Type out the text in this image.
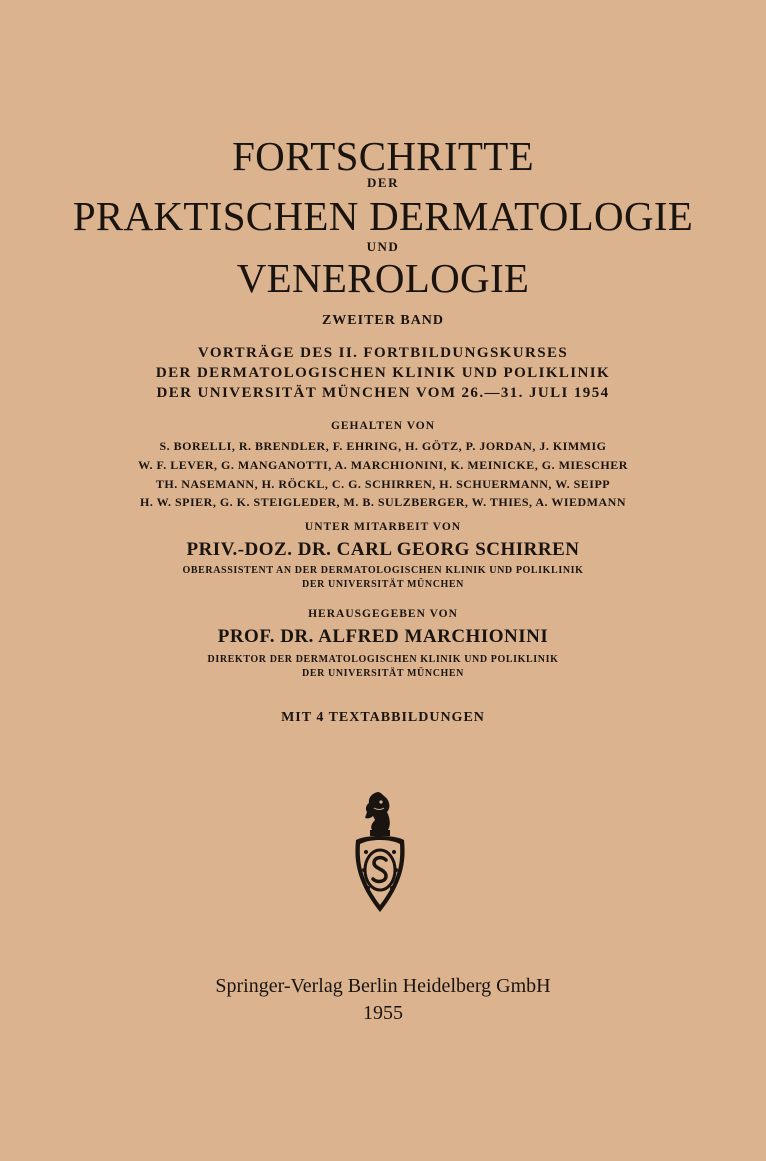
FORTSCHRITTE
DER
PRAKTISCHEN DERMATOLOGIE
UND
VENEROLOGIE
ZWEITER BAND
VORTRÄGE DES II. FORTBILDUNGSKURSES
DER DERMATOLOGISCHEN KLINIK UND POLIKLINIK
DER UNIVERSITÄT MÜNCHEN VOM 26.—31. JULI 1954
GEHALTEN VON
S. BORELLI, R. BRENDLER, F. EHRING, H. GÖTZ, P. JORDAN, J. KIMMIG
W. F. LEVER, G. MANGANOTTI, A. MARCHIONINI, K. MEINICKE, G. MIESCHER
TH. NASEMANN, H. RÖCKL, C. G. SCHIRREN, H. SCHUERMANN, W. SEIPP
H. W. SPIER, G. K. STEIGLEDER, M. B. SULZBERGER, W. THIES, A. WIEDMANN
UNTER MITARBEIT VON
PRIV.-DOZ. DR. CARL GEORG SCHIRREN
OBERASSISTENT AN DER DERMATOLOGISCHEN KLINIK UND POLIKLINIK
DER UNIVERSITÄT MÜNCHEN
HERAUSGEGEBEN VON
PROF. DR. ALFRED MARCHIONINI
DIREKTOR DER DERMATOLOGISCHEN KLINIK UND POLIKLINIK
DER UNIVERSITÄT MÜNCHEN
MIT 4 TEXTABBILDUNGEN
Springer-Verlag Berlin Heidelberg GmbH
1955
